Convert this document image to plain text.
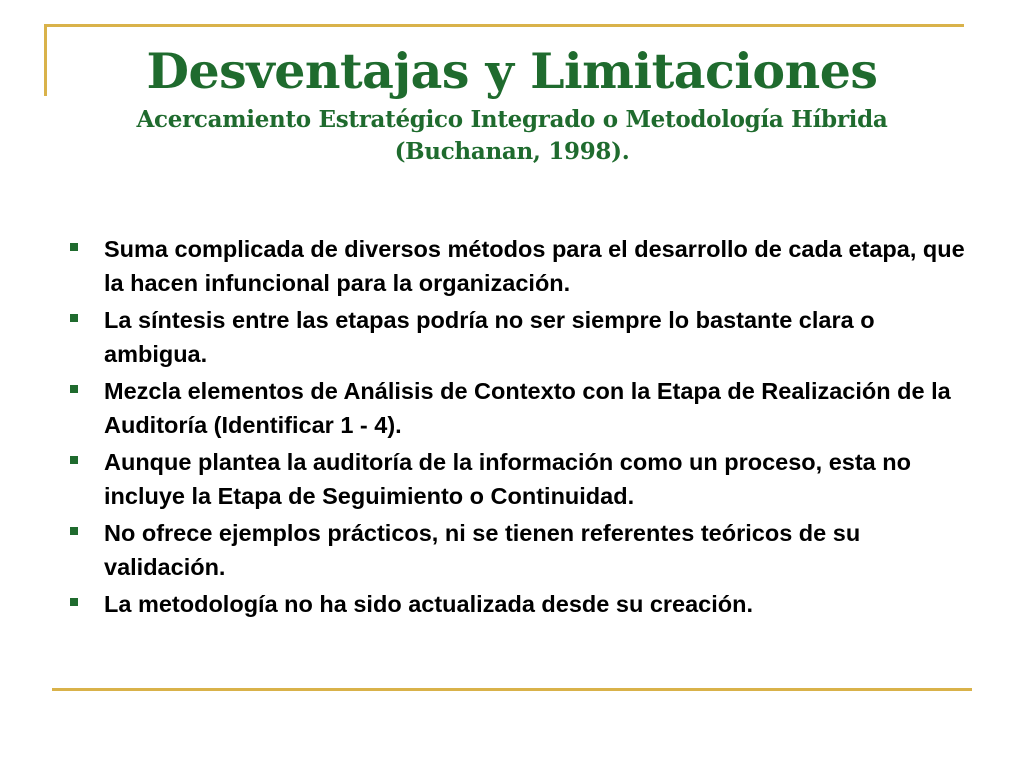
Desventajas y Limitaciones
Acercamiento Estratégico Integrado o Metodología Híbrida
(Buchanan, 1998).
Suma complicada de diversos métodos para el desarrollo de cada etapa, que la hacen infuncional para la organización.
La síntesis entre las etapas podría no ser siempre lo bastante clara o ambigua.
Mezcla elementos de Análisis de Contexto con la Etapa de Realización de la Auditoría (Identificar 1 - 4).
Aunque plantea la auditoría de la información como un proceso, esta no incluye la Etapa de Seguimiento o Continuidad.
No ofrece ejemplos prácticos, ni se tienen referentes teóricos de su validación.
La metodología no ha sido actualizada desde su creación.
